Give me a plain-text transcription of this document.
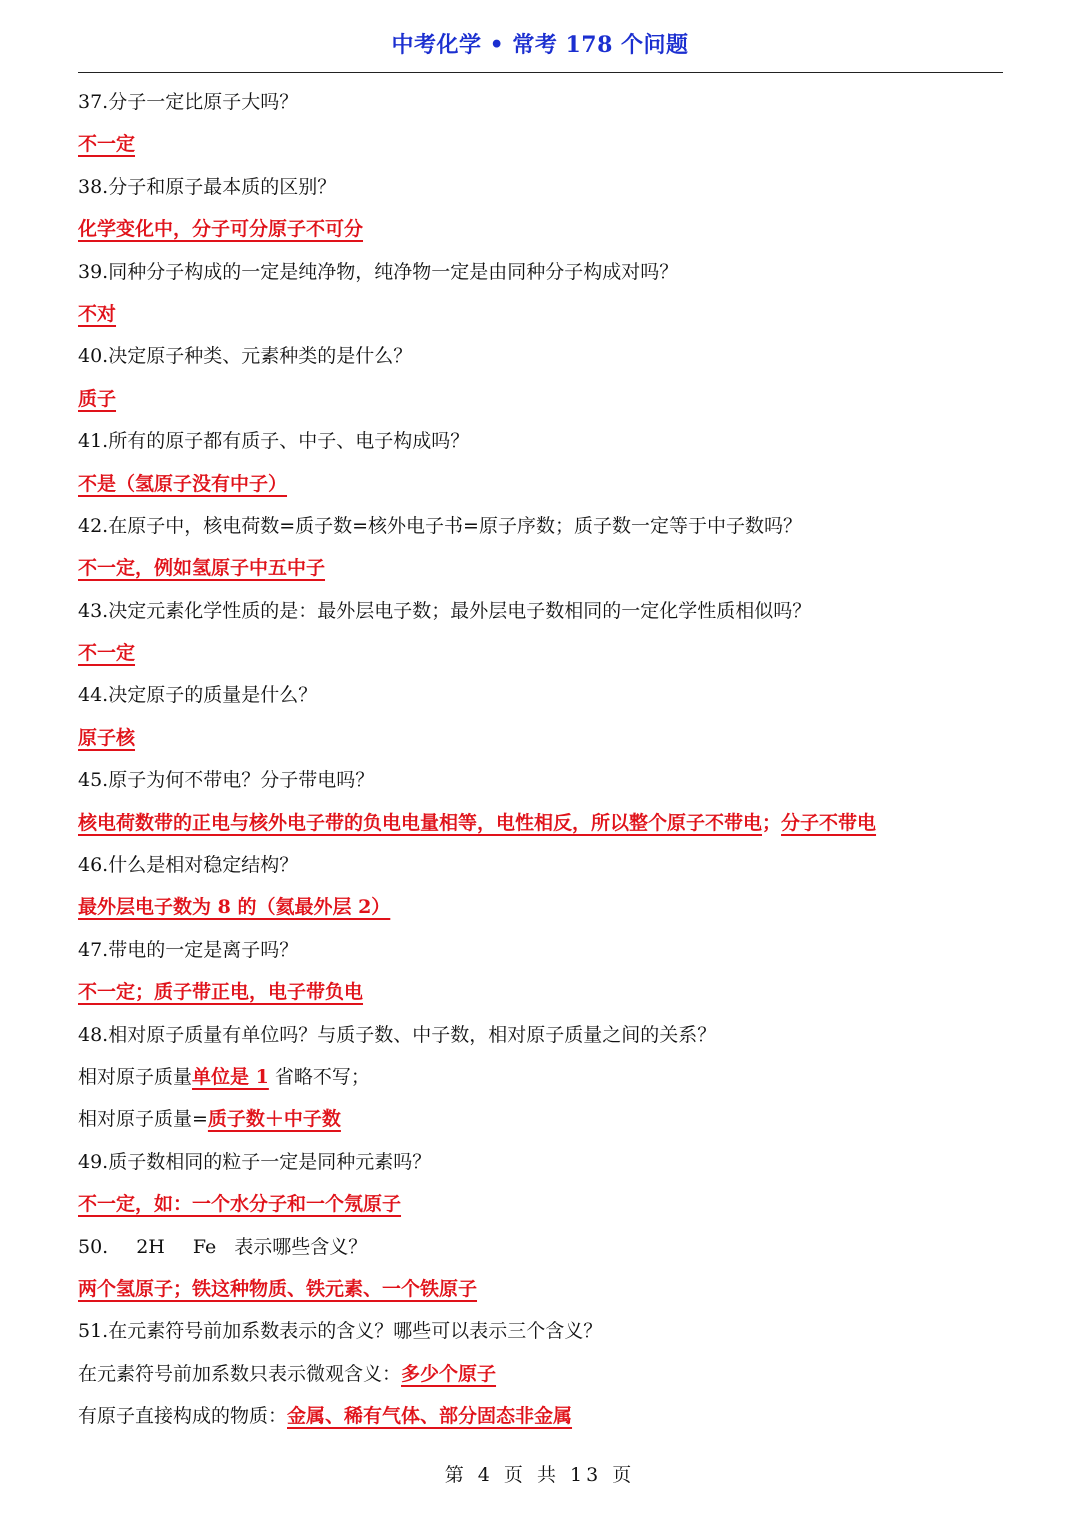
中考化学 • 常考 178 个问题
37.分子一定比原子大吗？
不一定
38.分子和原子最本质的区别？
化学变化中，分子可分原子不可分
39.同种分子构成的一定是纯净物，纯净物一定是由同种分子构成对吗？
不对
40.决定原子种类、元素种类的是什么？
质子
41.所有的原子都有质子、中子、电子构成吗？
不是（氢原子没有中子）
42.在原子中，核电荷数=质子数=核外电子书=原子序数；质子数一定等于中子数吗？
不一定，例如氢原子中五中子
43.决定元素化学性质的是：最外层电子数；最外层电子数相同的一定化学性质相似吗？
不一定
44.决定原子的质量是什么？
原子核
45.原子为何不带电？分子带电吗？
核电荷数带的正电与核外电子带的负电电量相等，电性相反，所以整个原子不带电；分子不带电
46.什么是相对稳定结构？
最外层电子数为 8 的（氦最外层 2）
47.带电的一定是离子吗？
不一定；质子带正电，电子带负电
48.相对原子质量有单位吗？与质子数、中子数，相对原子质量之间的关系？
相对原子质量单位是 1 省略不写；
相对原子质量=质子数＋中子数
49.质子数相同的粒子一定是同种元素吗？
不一定，如：一个水分子和一个氖原子
50. 2H Fe 表示哪些含义？
两个氢原子；铁这种物质、铁元素、一个铁原子
51.在元素符号前加系数表示的含义？哪些可以表示三个含义？
在元素符号前加系数只表示微观含义：多少个原子
有原子直接构成的物质：金属、稀有气体、部分固态非金属
第 4 页 共 13 页
